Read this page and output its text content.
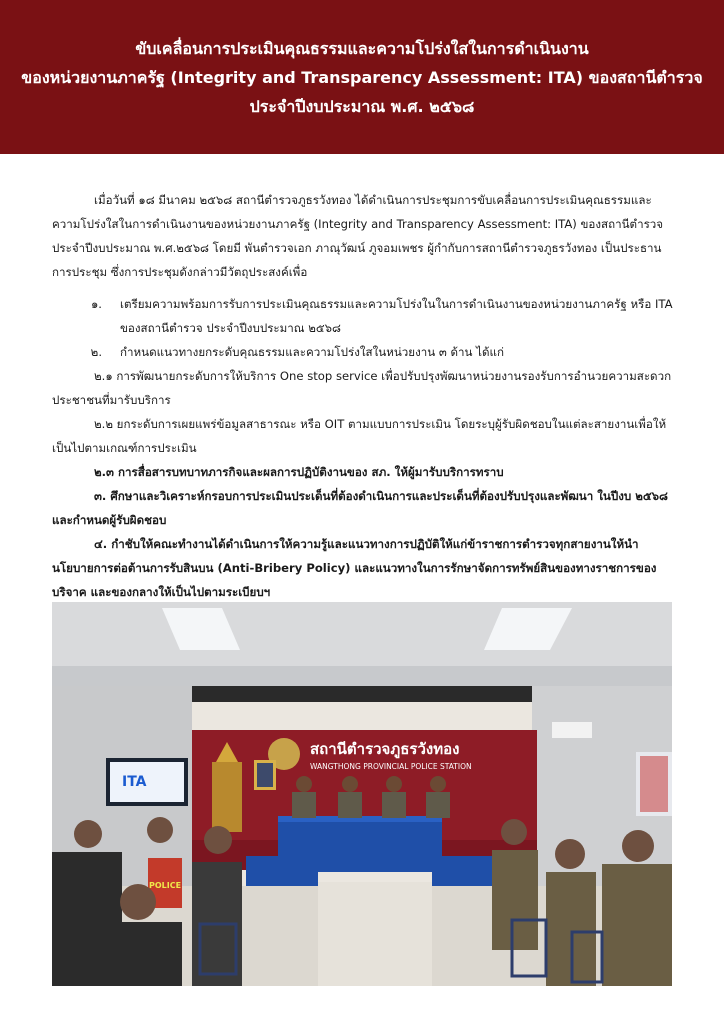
ขับเคลื่อนการประเมินคุณธรรมและความโปร่งใสในการดำเนินงาน
ของหน่วยงานภาครัฐ (Integrity and Transparency Assessment: ITA) ของสถานีตำรวจ
ประจำปีงบประมาณ พ.ศ. ๒๕๖๘

เมื่อวันที่ ๑๘ มีนาคม ๒๕๖๘ สถานีตำรวจภูธรวังทอง ได้ดำเนินการประชุมการขับเคลื่อนการประเมินคุณธรรมและความโปร่งใสในการดำเนินงานของหน่วยงานภาครัฐ (Integrity and Transparency Assessment: ITA) ของสถานีตำรวจประจำปีงบประมาณ พ.ศ.๒๕๖๘ โดยมี พันตำรวจเอก ภาณุวัฒน์ ภูจอมเพชร ผู้กำกับการสถานีตำรวจภูธรวังทอง เป็นประธานการประชุม ซึ่งการประชุมดังกล่าวมีวัตถุประสงค์เพื่อ

๑.	เตรียมความพร้อมการรับการประเมินคุณธรรมและความโปร่งในในการดำเนินงานของหน่วยงานภาครัฐ หรือ ITA ของสถานีตำรวจ ประจำปีงบประมาณ ๒๕๖๘
๒.	กำหนดแนวทางยกระดับคุณธรรมและความโปร่งใสในหน่วยงาน ๓ ด้าน ได้แก่

๒.๑ การพัฒนายกระดับการให้บริการ One stop service เพื่อปรับปรุงพัฒนาหน่วยงานรองรับการอำนวยความสะดวกประชาชนที่มารับบริการ

๒.๒ ยกระดับการเผยแพร่ข้อมูลสาธารณะ หรือ OIT ตามแบบการประเมิน โดยระบุผู้รับผิดชอบในแต่ละสายงานเพื่อให้เป็นไปตามเกณฑ์การประเมิน

๒.๓ การสื่อสารบทบาทภารกิจและผลการปฏิบัติงานของ สภ. ให้ผู้มารับบริการทราบ

๓. ศึกษาและวิเคราะห์กรอบการประเมินประเด็นที่ต้องดำเนินการและประเด็นที่ต้องปรับปรุงและพัฒนา ในปีงบ ๒๕๖๘ และกำหนดผู้รับผิดชอบ

๔. กำชับให้คณะทำงานได้ดำเนินการให้ความรู้และแนวทางการปฏิบัติให้แก่ข้าราชการตำรวจทุกสายงานให้นำนโยบายการต่อต้านการรับสินบน (Anti-Bribery Policy) และแนวทางในการรักษาจัดการทรัพย์สินของทางราชการของบริจาค และของกลางให้เป็นไปตามระเบียบฯ

สถานีตำรวจภูธรวังทอง
WANGTHONG PROVINCIAL POLICE STATION
ITA
POLICE
